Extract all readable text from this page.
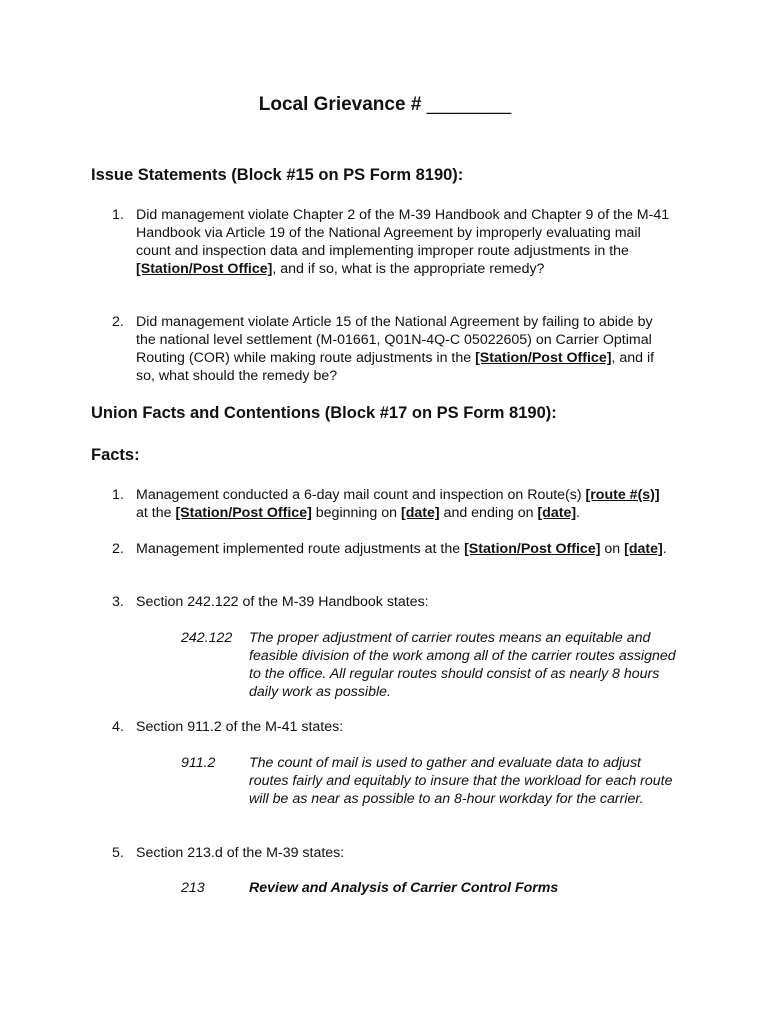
Local Grievance # ________
Issue Statements (Block #15 on PS Form 8190):
1. Did management violate Chapter 2 of the M-39 Handbook and Chapter 9 of the M-41 Handbook via Article 19 of the National Agreement by improperly evaluating mail count and inspection data and implementing improper route adjustments in the [Station/Post Office], and if so, what is the appropriate remedy?
2. Did management violate Article 15 of the National Agreement by failing to abide by the national level settlement (M-01661, Q01N-4Q-C 05022605) on Carrier Optimal Routing (COR) while making route adjustments in the [Station/Post Office], and if so, what should the remedy be?
Union Facts and Contentions (Block #17 on PS Form 8190):
Facts:
1. Management conducted a 6-day mail count and inspection on Route(s) [route #(s)] at the [Station/Post Office] beginning on [date] and ending on [date].
2. Management implemented route adjustments at the [Station/Post Office] on [date].
3. Section 242.122 of the M-39 Handbook states:
242.122 The proper adjustment of carrier routes means an equitable and feasible division of the work among all of the carrier routes assigned to the office. All regular routes should consist of as nearly 8 hours daily work as possible.
4. Section 911.2 of the M-41 states:
911.2 The count of mail is used to gather and evaluate data to adjust routes fairly and equitably to insure that the workload for each route will be as near as possible to an 8-hour workday for the carrier.
5. Section 213.d of the M-39 states:
213	Review and Analysis of Carrier Control Forms
